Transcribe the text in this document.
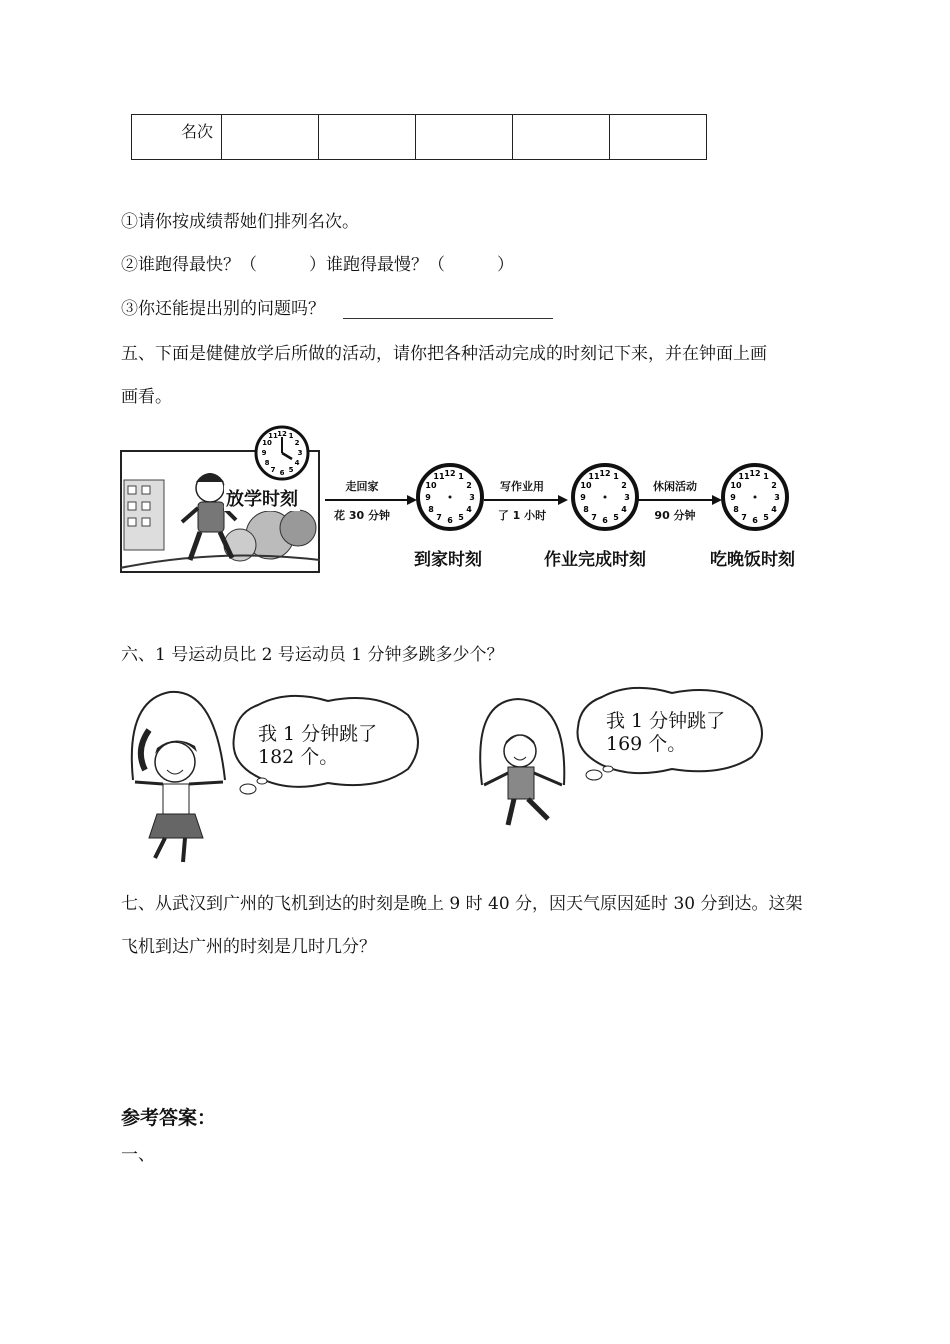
名次					
①请你按成绩帮她们排列名次。
②谁跑得最快？（	）谁跑得最慢？（	）
③你还能提出别的问题吗？
五、下面是健健放学后所做的活动，请你把各种活动完成的时刻记下来，并在钟面上画
画看。
放学时刻
12 1
2
3
4
5
6
7
8
9
10
11
走回家
花 30 分钟
写作业用
了 1 小时
休闲活动
90 分钟
12 1
2
3
4
5
6
7
8
9
10
11	12 1
2
3
4
5
6
7
8
9
10
11	12 1
2
3
4
5
6
7
8
9
10
11
到家时刻	作业完成时刻	吃晚饭时刻
六、1 号运动员比 2 号运动员 1 分钟多跳多少个？
我 1 分钟跳了
182 个。
我 1 分钟跳了
169 个。
七、从武汉到广州的飞机到达的时刻是晚上 9 时 40 分，因天气原因延时 30 分到达。这架
飞机到达广州的时刻是几时几分？
参考答案：
一、
